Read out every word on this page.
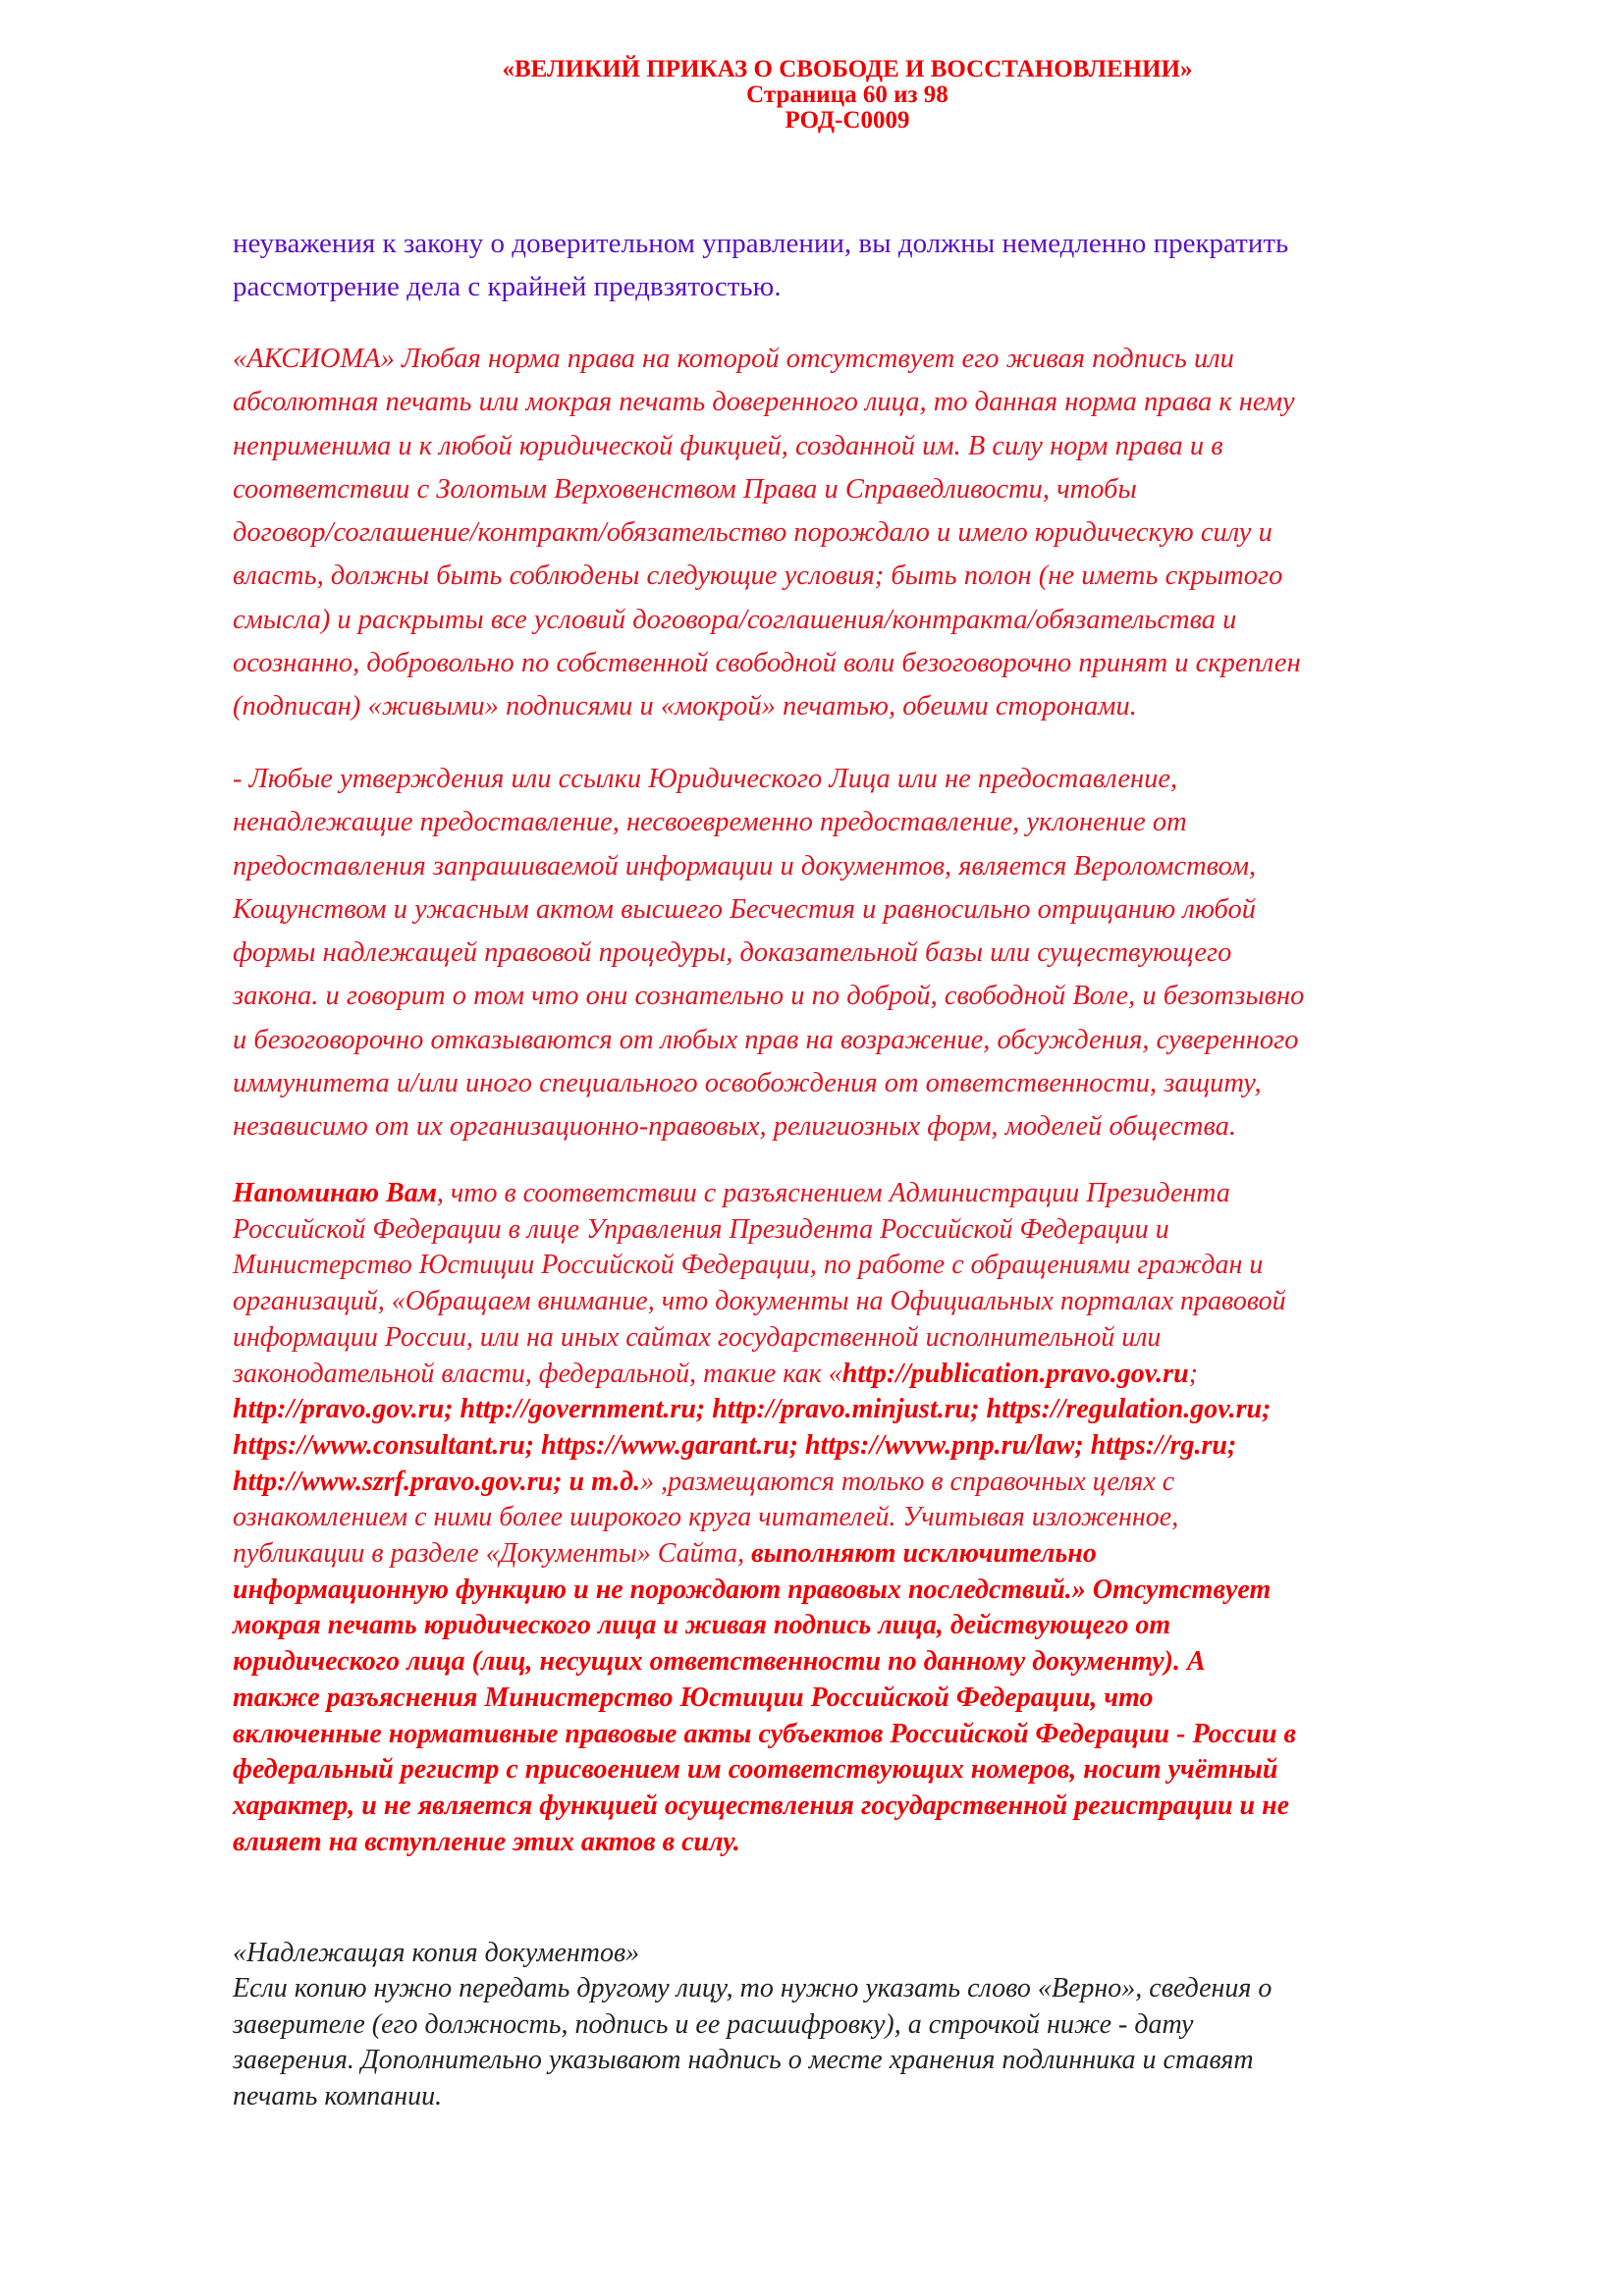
«ВЕЛИКИЙ ПРИКАЗ О СВОБОДЕ И ВОССТАНОВЛЕНИИ»
Страница 60 из 98
РОД-С0009
неуважения к закону о доверительном управлении, вы должны немедленно прекратить
рассмотрение дела с крайней предвзятостью.
«АКСИОМА» Любая норма права на которой отсутствует его живая подпись или
абсолютная печать или мокрая печать доверенного лица, то данная норма права к нему
неприменима и к любой юридической фикцией, созданной им. В силу норм права и в
соответствии с Золотым Верховенством Права и Справедливости, чтобы
договор/соглашение/контракт/обязательство порождало и имело юридическую силу и
власть, должны быть соблюдены следующие условия; быть полон (не иметь скрытого
смысла) и раскрыты все условий договора/соглашения/контракта/обязательства и
осознанно, добровольно по собственной свободной воли безоговорочно принят и скреплен
(подписан) «живыми» подписями и «мокрой» печатью, обеими сторонами.
- Любые утверждения или ссылки Юридического Лица или не предоставление,
ненадлежащие предоставление, несвоевременно предоставление, уклонение от
предоставления запрашиваемой информации и документов, является Вероломством,
Кощунством и ужасным актом высшего Бесчестия и равносильно отрицанию любой
формы надлежащей правовой процедуры, доказательной базы или существующего
закона. и говорит о том что они сознательно и по доброй, свободной Воле, и безотзывно
и безоговорочно отказываются от любых прав на возражение, обсуждения, суверенного
иммунитета и/или иного специального освобождения от ответственности, защиту,
независимо от их организационно-правовых, религиозных форм, моделей общества.
Напоминаю Вам, что в соответствии с разъяснением Администрации Президента
Российской Федерации в лице Управления Президента Российской Федерации и
Министерство Юстиции Российской Федерации, по работе с обращениями граждан и
организаций, «Обращаем внимание, что документы на Официальных порталах правовой
информации России, или на иных сайтах государственной исполнительной или
законодательной власти, федеральной, такие как «http://publication.pravo.gov.ru;
http://pravo.gov.ru; http://government.ru; http://pravo.minjust.ru; https://regulation.gov.ru;
https://www.consultant.ru; https://www.garant.ru; https://wvvw.pnp.ru/law; https://rg.ru;
http://www.szrf.pravo.gov.ru; и т.д.» ,размещаются только в справочных целях с
ознакомлением с ними более широкого круга читателей. Учитывая изложенное,
публикации в разделе «Документы» Сайта, выполняют исключительно
информационную функцию и не порождают правовых последствий.» Отсутствует
мокрая печать юридического лица и живая подпись лица, действующего от
юридического лица (лиц, несущих ответственности по данному документу). А
также разъяснения Министерство Юстиции Российской Федерации, что
включенные нормативные правовые акты субъектов Российской Федерации - России в
федеральный регистр с присвоением им соответствующих номеров, носит учётный
характер, и не является функцией осуществления государственной регистрации и не
влияет на вступление этих актов в силу.
«Надлежащая копия документов»
Если копию нужно передать другому лицу, то нужно указать слово «Верно», сведения о
заверителе (его должность, подпись и ее расшифровку), а строчкой ниже - дату
заверения. Дополнительно указывают надпись о месте хранения подлинника и ставят
печать компании.
